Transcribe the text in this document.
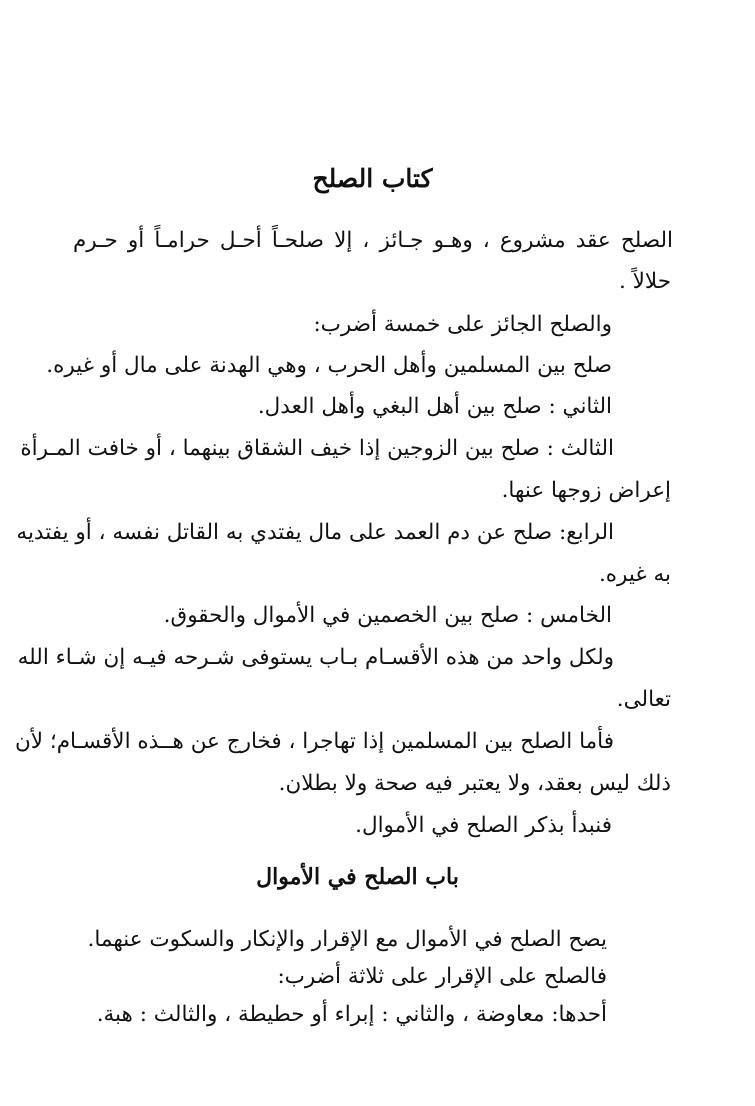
كتاب الصلح
الصلح عقد مشروع ، وهـو جـائز ، إلا صلحـاً أحـل حرامـاً أو حـرم
حلالاً .
والصلح الجائز على خمسة أضرب:
صلح بين المسلمين وأهل الحرب ، وهي الهدنة على مال أو غيره.
الثاني : صلح بين أهل البغي وأهل العدل.
الثالث : صلح بين الزوجين إذا خيف الشقاق بينهما ، أو خافت المـرأة
إعراض زوجها عنها.
الرابع: صلح عن دم العمد على مال يفتدي به القاتل نفسه ، أو يفتديه
به غيره.
الخامس : صلح بين الخصمين في الأموال والحقوق.
ولكل واحد من هذه الأقسـام بـاب يستوفى شـرحه فيـه إن شـاء الله
تعالى.
فأما الصلح بين المسلمين إذا تهاجرا ، فخارج عن هــذه الأقسـام؛ لأن
ذلك ليس بعقد، ولا يعتبر فيه صحة ولا بطلان.
فنبدأ بذكر الصلح في الأموال.
باب الصلح في الأموال
يصح الصلح في الأموال مع الإقرار والإنكار والسكوت عنهما.
فالصلح على الإقرار على ثلاثة أضرب:
أحدها: معاوضة ، والثاني : إبراء أو حطيطة ، والثالث : هبة.
